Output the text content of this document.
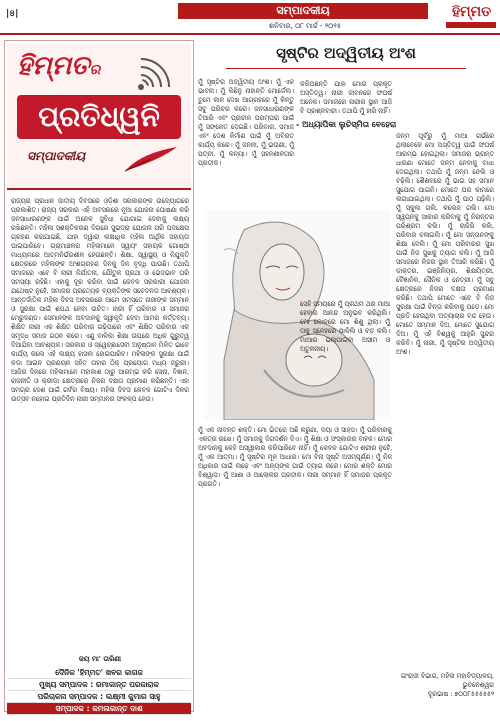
|৪|	ସମ୍ପାଦକୀୟ
ଶନିବାର, ୦୮ ମାର୍ଚ୍ଚ - ୨୦୨୫
ହିମ୍ମତ
ହିମ୍ମତର
ପ୍ରତିଧ୍ୱନି
ସମ୍ପାଦକୀୟ
ରାଜ୍ୟର ପ୍ରଧାନ ଜାତୀୟ ଦିବସରେ ଓଡ଼ିଶା ସରକାରଙ୍କ ଉଦ୍ୟୋଗରେ ପ୍ରକାଶିତ। ରାଜ୍ୟ ସରକାର ଏହି ଅବସରରେ ନୂଆ ଯୋଜନା ଘୋଷଣା କରି ଜନସାଧାରଣଙ୍କ ପାଇଁ ଅନେକ ସୁବିଧା ଯୋଗାଇ ଦେବାକୁ ଲକ୍ଷ୍ୟ ରଖିଛନ୍ତି। ମହିଳା ସଶକ୍ତିକରଣ ଦିଗରେ ସୁଭଦ୍ରା ଯୋଜନା ପରି ପଦକ୍ଷେପ ଗ୍ରହଣ କରାଯାଇଛି, ଯାହା ଦ୍ୱାରା ଲକ୍ଷାଧିକ ମହିଳା ଆର୍ଥିକ ସହାୟତା ପାଇପାରିବେ। ଗ୍ରାମାଞ୍ଚଳର ମହିଳାମାନେ ସ୍ୱୟଂ ସହାୟକ ଗୋଷ୍ଠୀ ମାଧ୍ୟମରେ ଆତ୍ମନିର୍ଭରଶୀଳ ହେଉଛନ୍ତି। ଶିକ୍ଷା, ସ୍ୱାସ୍ଥ୍ୟ ଓ ନିଯୁକ୍ତି କ୍ଷେତ୍ରରେ ମହିଳାଙ୍କ ଅଂଶଗ୍ରହଣ ଦିନକୁ ଦିନ ବୃଦ୍ଧି ପାଉଛି। ତଥାପି ସମାଜରେ ଏବେ ବି ନାରୀ ନିର୍ଯାତନା, ଯୌତୁକ ପ୍ରଥା ଓ ଭେଦଭାବ ପରି ସମସ୍ୟା ରହିଛି। ଏହାକୁ ଦୂର କରିବା ପାଇଁ କେବଳ ସରକାରୀ ଯୋଜନା ଯଥେଷ୍ଟ ନୁହେଁ, ସମାଜର ପ୍ରତ୍ୟେକ ବ୍ୟକ୍ତିଙ୍କ ସଚେତନତା ଆବଶ୍ୟକ। ଆନ୍ତର୍ଜାତିକ ମହିଳା ଦିବସ ଅବସରରେ ଆମେ ସମସ୍ତେ ନାରୀଙ୍କ ସମ୍ମାନ ଓ ସୁରକ୍ଷା ପାଇଁ ଶପଥ ନେବା ଉଚିତ। ନାରୀ ହିଁ ପରିବାର ଓ ସମାଜର ମେରୁଦଣ୍ଡ। ସେମାନଙ୍କ ଅବଦାନକୁ ସ୍ୱୀକୃତି ଦେବା ଆମର କର୍ତ୍ତବ୍ୟ। ଶିକ୍ଷିତ ନାରୀ ଏକ ଶିକ୍ଷିତ ପରିବାର ଗଢ଼ିପାରେ ଏବଂ ଶିକ୍ଷିତ ପରିବାର ଏକ ସମୃଦ୍ଧ ସମାଜ ଗଠନ କରେ। ଏଣୁ ବାଳିକା ଶିକ୍ଷା ଉପରେ ଅଧିକ ଗୁରୁତ୍ୱ ଦିଆଯିବା ଆବଶ୍ୟକ। ସରକାର ଓ ସ୍ୱେଚ୍ଛାସେବୀ ଅନୁଷ୍ଠାନ ମିଳିତ ଭାବେ କାର୍ଯ୍ୟ କଲେ ଏହି ଲକ୍ଷ୍ୟ ହାସଲ ହୋଇପାରିବ। ମହିଳାଙ୍କ ସୁରକ୍ଷା ପାଇଁ କଡ଼ା ଆଇନ ପ୍ରଣୟନ ସହିତ ତାହାର ଠିକ୍ ପ୍ରୟୋଗ ମଧ୍ୟ ଜରୁରୀ। ଆଜିର ଦିନରେ ମହିଳାମାନେ ମହାକାଶ ଠାରୁ ଆରମ୍ଭ କରି ସେନା, ବିଜ୍ଞାନ, ରାଜନୀତି ଓ କ୍ରୀଡ଼ା କ୍ଷେତ୍ରରେ ନିଜର ଦକ୍ଷତା ପ୍ରମାଣ କରିଛନ୍ତି। ଏହା ସମଗ୍ର ଦେଶ ପାଇଁ ଗର୍ବର ବିଷୟ। ମହିଳା ଦିବସ କେବଳ ଗୋଟିଏ ଦିନର ଉତ୍ସବ ନହୋଇ ପ୍ରତିଦିନ ନାରୀ ସମ୍ମାନର ସଂକଳ୍ପ ହେଉ।
ଜୟ ମା' ତାରିଣୀ
ଦୈନିକ 'ହିମ୍ମତ' ଖବର କାଗଜ
ମୁଖ୍ୟ ସମ୍ପାଦକ : ରମାକାନ୍ତ ପରଜାରାକ
ପରିଚାଳନା ସମ୍ପାଦକ : ଲକ୍ଷ୍ମୀ କୁମାର ସାହୁ
ସମ୍ପାଦକ : କମଳାକାନ୍ତ ଦାଶ
ସୃଷ୍ଟିର ଅଦ୍ୱିତୀୟ ଅଂଶ
- ଅଧ୍ୟାପିକା ଲୁଚିସ୍ମିତା ବେହେରା
ମୁଁ ସୃଷ୍ଟିର ଅଦ୍ୱିତୀୟ ଅଂଶ। ମୁଁ ଏକ ଭାବନା। ମୁଁ କିଛିନୁ ନାହାନ୍ତି ମୋର୍ଡେଲ। ତୁମେ କାଳ ଦେଖ ଆଗ୍ରହରେ ମୁଁ କିନ୍ତୁ ସବୁ ପରିଚର କରେ। ଜନସାଧାରଣଙ୍କ ତିଆରି ଏବଂ ପ୍ରାଚୀନ ପରମ୍ପରା ପାଇଁ ମୁଁ ସଙ୍କେତ ଦେଇଛି। ପରିବାର, ସମାଜ ଏବଂ ଦେଶ ନିର୍ମାଣ ପାଇଁ ମୁଁ ଅବିରତ କାର୍ଯ୍ୟ କରେ। ମୁଁ ଜନନୀ, ମୁଁ ଭଉଣୀ, ମୁଁ ପତ୍ନୀ, ମୁଁ କନ୍ୟା। ମୁଁ ସହନଶୀଳତାର ପ୍ରତୀକ।
କରିଅଛନ୍ତି ଯାହା ମୋର ପ୍ରକୃତ ଅସ୍ତିତ୍ୱ। ନାରୀ ଜୀବନରେ ସଂଘର୍ଷ ଅନେକ। ସମାଜରେ ନାରୀର ସ୍ଥାନ ଆଜି ବି ପ୍ରଶ୍ନବାଚୀ। ତଥାପି ମୁଁ ହାରି ନାହିଁ।
ସେହି ସମୟରେ ମୁଁ ପ୍ରଥମ ଥର ମାଆ ହେବାର ଆନନ୍ଦ ଅନୁଭବ କରିଥିଲି। ମୋ କୋଳରେ ମୋ ଶିଶୁ ଥିଲା। ମୁଁ ତାକୁ ସ୍ନେହରେ ପାଳିଲି ଓ ବଡ଼ କଲି। ମାଆର ଭଲପାଇବା ଅସୀମ ଓ ଅତୁଳନୀୟ।
ମୁଁ ଏକ ଜୀବନ୍ତ ଶକ୍ତି। ମୋ ଭିତରେ ଅଛି କରୁଣା, ଦୟା ଓ ସାହସ। ମୁଁ ପରିବାରକୁ ଏକତ୍ର ରଖେ। ମୁଁ ସମାଜକୁ ଦିଗଦର୍ଶନ ଦିଏ। ମୁଁ ଶିକ୍ଷା ଓ ସଂସ୍କାରର ବାହକ। ମୋର ଅବଦାନକୁ କେହି ଅସ୍ୱୀକାର କରିପାରିବେ ନାହିଁ। ମୁଁ କେବଳ ଗୋଟିଏ ଶରୀର ନୁହେଁ, ମୁଁ ଏକ ଆତ୍ମା। ମୁଁ ସୃଷ୍ଟିର ମୂଳ ଆଧାର। ମୋ ବିନା ସୃଷ୍ଟି ଅସମ୍ପୂର୍ଣ୍ଣ। ମୁଁ ନିଜ ଅଧିକାର ପାଇଁ ଲଢ଼େ ଏବଂ ଅନ୍ୟଙ୍କ ପାଇଁ ତ୍ୟାଗ କରେ। ମୋର ଶକ୍ତି ମୋର ବିଶ୍ୱାସ। ମୁଁ ଆଶା ଓ ଆଲୋକର ପ୍ରତୀକ। ନାରୀ ସମ୍ମାନ ହିଁ ସମାଜର ପ୍ରକୃତ ପ୍ରଗତି।
ଜନ୍ମ ପୂର୍ବରୁ ମୁଁ ମାଆ ଗର୍ଭରେ ଥିଲାବେଳେ ମୋ ଅସ୍ତିତ୍ୱ ପାଇଁ ସଂଘର୍ଷ ଆରମ୍ଭ ହୋଇଥିଲା। ସମାଜର ଭ୍ରାନ୍ତ ଧାରଣା ମୋତେ ଜନ୍ମ ନେବାକୁ ବାଧା ଦେଇଥିଲା। ତଥାପି ମୁଁ ଜନ୍ମ ନେଲି ଓ ବଢ଼ିଲି। ଶୈଶବରେ ମୁଁ ଭାଇ ସହ ସମାନ ସୁଯୋଗ ପାଇନି। ମୋତେ ଘର କାମରେ ଲଗାଯାଇଥିଲା। ତଥାପି ମୁଁ ପାଠ ପଢ଼ିଲି। ମୁଁ ସ୍କୁଲ ଗଲି, କଲେଜ ଗଲି। ମୋ ସ୍ୱପ୍ନକୁ ସାକାର କରିବାକୁ ମୁଁ ନିରନ୍ତର ପରିଶ୍ରମ କଲି। ମୁଁ ଚାକିରି କଲି, ପରିବାର ଚଳାଇଲି। ମୁଁ ମୋ ସନ୍ତାନଙ୍କୁ ଶିକ୍ଷା ଦେଲି। ମୁଁ ମୋ ପରିବାରର ସୁଖ ପାଇଁ ନିଜ ସୁଖକୁ ତ୍ୟାଗ କଲି। ମୁଁ ଆଜି ସମାଜରେ ନିଜର ସ୍ଥାନ ତିଆରି କରିଛି। ମୁଁ ଡାକ୍ତର, ଇଞ୍ଜିନିୟର, ଶିକ୍ଷୟିତ୍ରୀ, ବୈଜ୍ଞାନିକ, ସୈନିକ ଓ ନେତ୍ରୀ। ମୁଁ ସବୁ କ୍ଷେତ୍ରରେ ନିଜର ଦକ୍ଷତା ପ୍ରମାଣ କରିଛି। ତଥାପି ମୋତେ ଏବେ ବି ନିଜ ସୁରକ୍ଷା ପାଇଁ ଚିନ୍ତା କରିବାକୁ ପଡ଼େ। ମୋ ପ୍ରତି ହେଉଥିବା ଅତ୍ୟାଚାର ବନ୍ଦ ହେଉ। ମୋତେ ସମ୍ମାନ ଦିଅ, ମୋତେ ସୁଯୋଗ ଦିଅ। ମୁଁ ଏହି ବିଶ୍ୱକୁ ଆହୁରି ସୁନ୍ଦର କରିବି। ମୁଁ ନାରୀ, ମୁଁ ସୃଷ୍ଟିର ଅଦ୍ୱିତୀୟ ଅଂଶ।
ଇଂରାଜୀ ବିଭାଗ, ମହିଳା ମହାବିଦ୍ୟାଳୟ, ଭୁବନେଶ୍ୱର
ଦୂରଭାଷ : ୭୦୦୮୫୫୫୫୫୨
